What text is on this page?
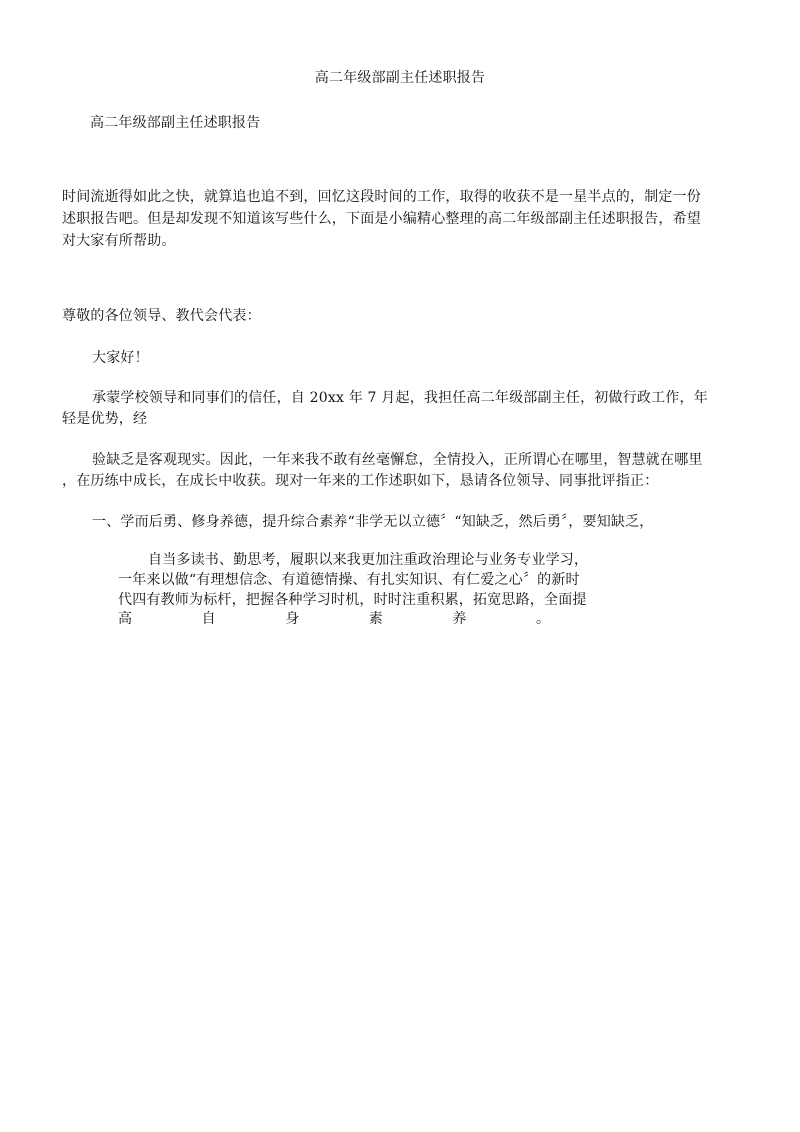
高二年级部副主任述职报告
高二年级部副主任述职报告
时间流逝得如此之快，就算追也追不到，回忆这段时间的工作，取得的收获不是一星半点的，制定一份
述职报告吧。但是却发现不知道该写些什么，下面是小编精心整理的高二年级部副主任述职报告，希望
对大家有所帮助。
尊敬的各位领导、教代会代表：
大家好！
承蒙学校领导和同事们的信任，自 20xx 年 7 月起，我担任高二年级部副主任，初做行政工作，年
轻是优势，经
验缺乏是客观现实。因此，一年来我不敢有丝毫懈怠，全情投入，正所谓心在哪里，智慧就在哪里
，在历练中成长，在成长中收获。现对一年来的工作述职如下，恳请各位领导、同事批评指正：
一、学而后勇、修身养德，提升综合素养“非学无以立德〞“知缺乏，然后勇〞，要知缺乏，
自当多读书、勤思考，履职以来我更加注重政治理论与业务专业学习，
一年来以做“有理想信念、有道德情操、有扎实知识、有仁爱之心〞的新时
代四有教师为标杆，把握各种学习时机，时时注重积累，拓宽思路，全面提
高	自	身	素	养	。
